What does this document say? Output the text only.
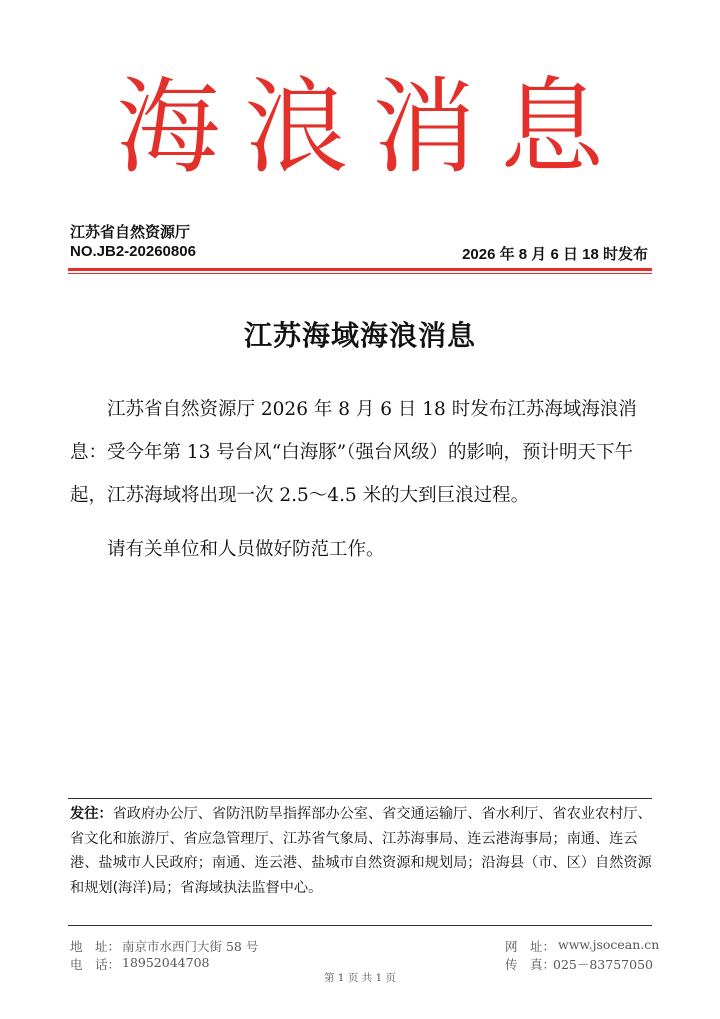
海浪消息
江苏省自然资源厅
NO.JB2-20260806	2026 年 8 月 6 日 18 时发布
江苏海域海浪消息
江苏省自然资源厅 2026 年 8 月 6 日 18 时发布江苏海域海浪消息：受今年第 13 号台风“白海豚”（强台风级）的影响，预计明天下午起，江苏海域将出现一次 2.5～4.5 米的大到巨浪过程。
请有关单位和人员做好防范工作。
发往：省政府办公厅、省防汛防旱指挥部办公室、省交通运输厅、省水利厅、省农业农村厅、省文化和旅游厅、省应急管理厅、江苏省气象局、江苏海事局、连云港海事局；南通、连云港、盐城市人民政府；南通、连云港、盐城市自然资源和规划局；沿海县（市、区）自然资源和规划(海洋)局；省海域执法监督中心。
地　址： 南京市水西门大街 58 号
电　话： 18952044708
网　址： www.jsocean.cn
传　真：
025－83757050
第 1 页 共 1 页
